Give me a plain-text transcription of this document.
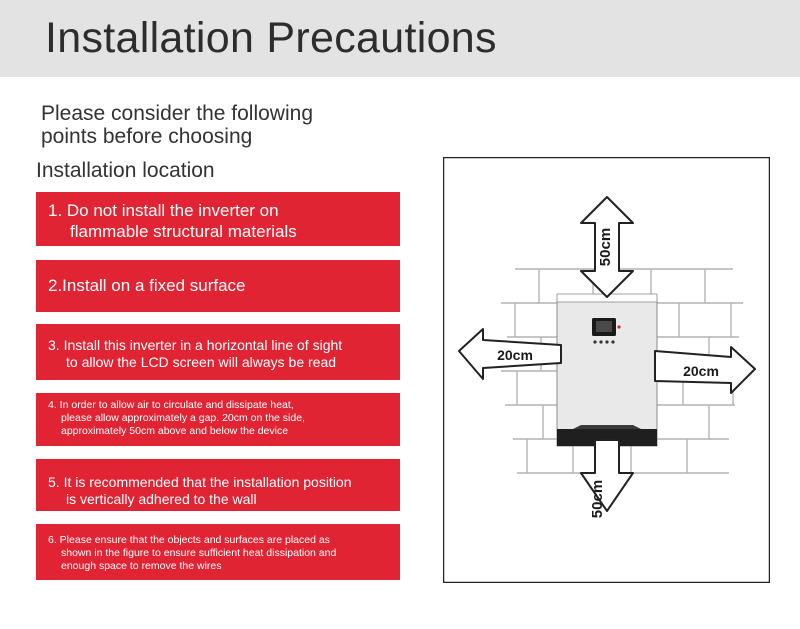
Installation Precautions
Please consider the following
points before choosing
Installation location
1. Do not install the inverter on
flammable structural materials
2.Install on a fixed surface
3. Install this inverter in a horizontal line of sight
to allow the LCD screen will always be read
4. In order to allow air to circulate and dissipate heat,
please allow approximately a gap. 20cm on the side,
approximately 50cm above and below the device
5. It is recommended that the installation position
is vertically adhered to the wall
6. Please ensure that the objects and surfaces are placed as
shown in the figure to ensure sufficient heat dissipation and
enough space to remove the wires
50cm
50cm
20cm
20cm
